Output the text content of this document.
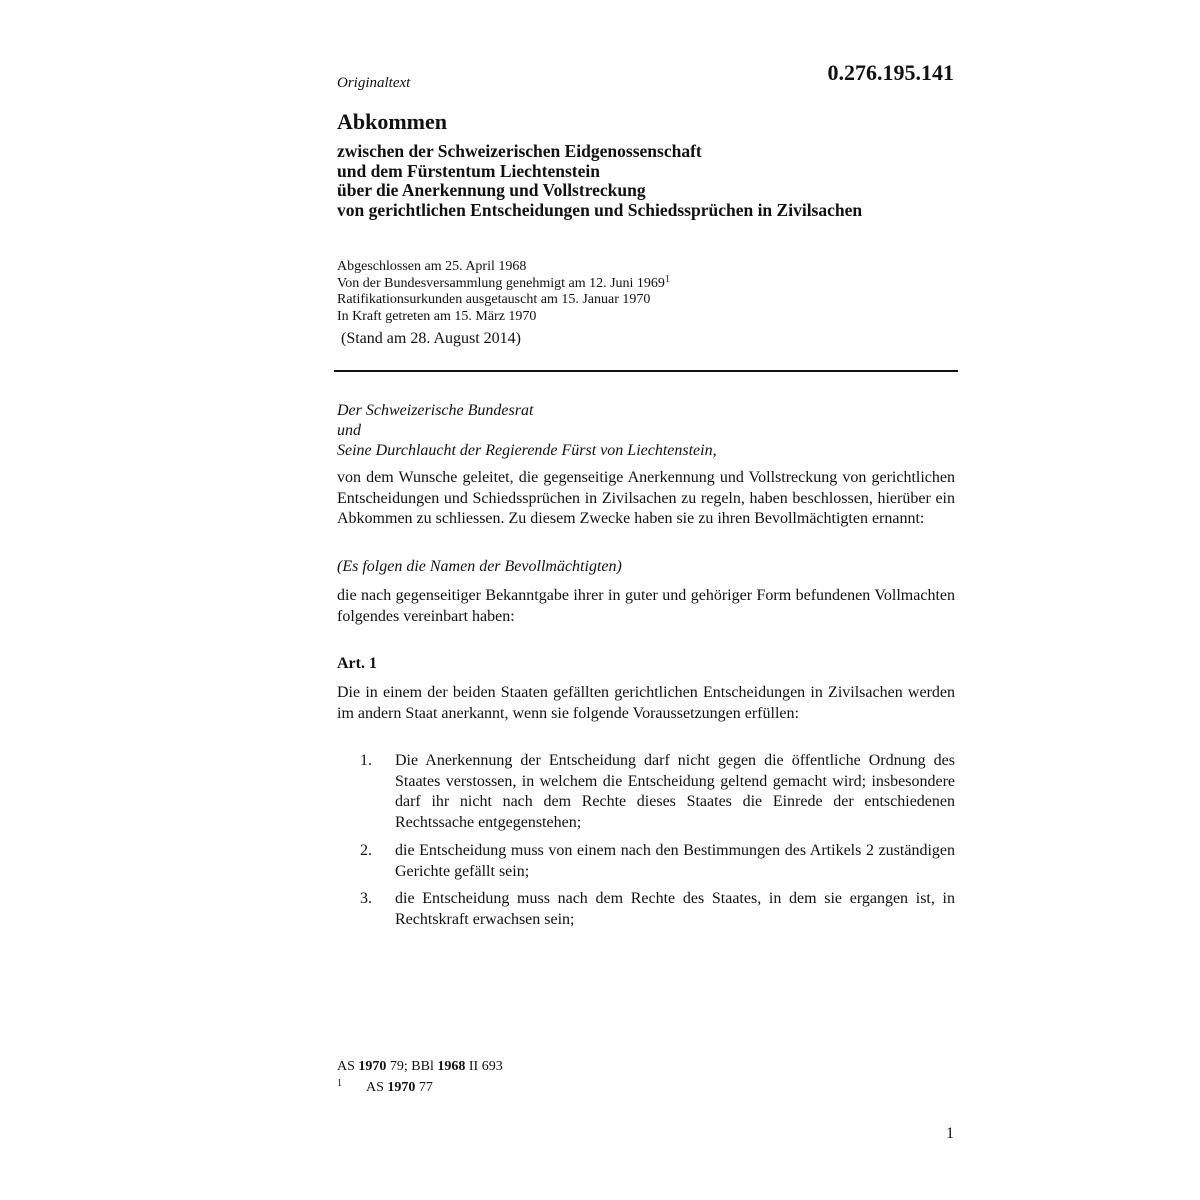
Originaltext	0.276.195.141

Abkommen
zwischen der Schweizerischen Eidgenossenschaft
und dem Fürstentum Liechtenstein
über die Anerkennung und Vollstreckung
von gerichtlichen Entscheidungen und Schiedssprüchen in Zivilsachen
Abgeschlossen am 25. April 1968
Von der Bundesversammlung genehmigt am 12. Juni 1969$^1$
Ratifikationsurkunden ausgetauscht am 15. Januar 1970
In Kraft getreten am 15. März 1970

(Stand am 28. August 2014)

Der Schweizerische Bundesrat

und

Seine Durchlaucht der Regierende Fürst von Liechtenstein,

von dem Wunsche geleitet, die gegenseitige Anerkennung und Vollstreckung von gerichtlichen Entscheidungen und Schiedssprüchen in Zivilsachen zu regeln, haben beschlossen, hierüber ein Abkommen zu schliessen. Zu diesem Zwecke haben sie zu ihren Bevollmächtigten ernannt:

(Es folgen die Namen der Bevollmächtigten)

die nach gegenseitiger Bekanntgabe ihrer in guter und gehöriger Form befundenen Vollmachten folgendes vereinbart haben:

Art. 1

Die in einem der beiden Staaten gefällten gerichtlichen Entscheidungen in Zivilsachen werden im andern Staat anerkannt, wenn sie folgende Voraussetzungen erfüllen:

1. Die Anerkennung der Entscheidung darf nicht gegen die öffentliche Ordnung des Staates verstossen, in welchem die Entscheidung geltend gemacht wird; insbesondere darf ihr nicht nach dem Rechte dieses Staates die Einrede der entschiedenen Rechtssache entgegenstehen;
2. die Entscheidung muss von einem nach den Bestimmungen des Artikels 2 zuständigen Gerichte gefällt sein;
3. die Entscheidung muss nach dem Rechte des Staates, in dem sie ergangen ist, in Rechtskraft erwachsen sein;
AS 1970 79; BBl 1968 II 693
$^1$ AS 1970 77

1
